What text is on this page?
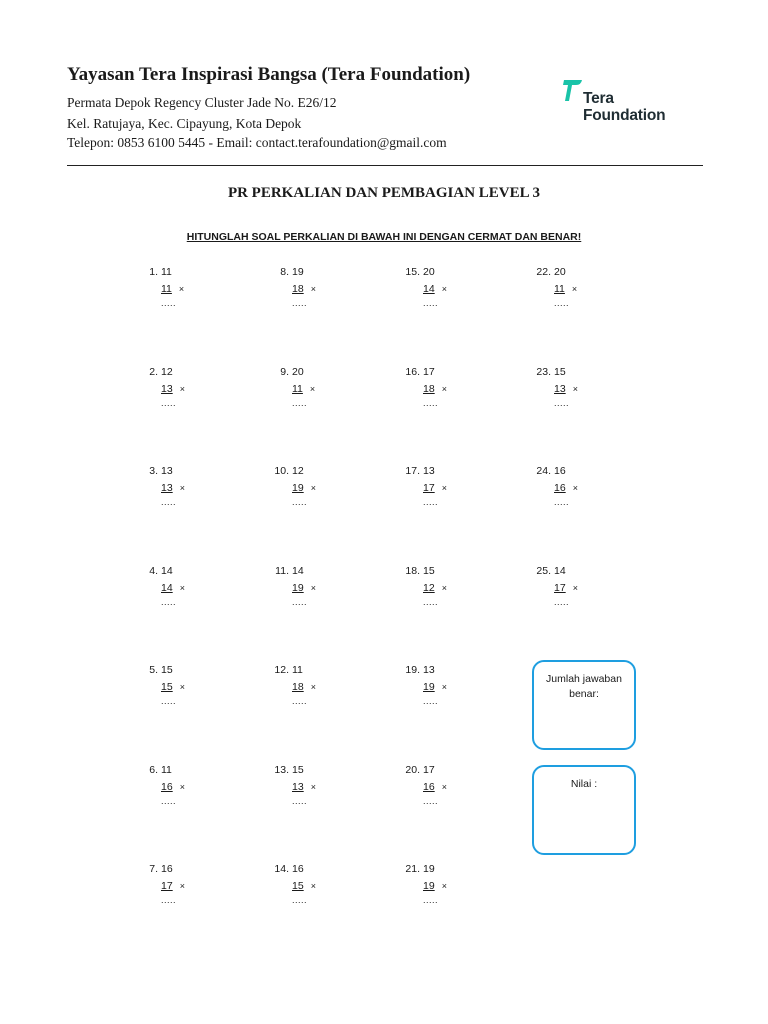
Yayasan Tera Inspirasi Bangsa (Tera Foundation)
Permata Depok Regency Cluster Jade No. E26/12
Kel. Ratujaya, Kec. Cipayung, Kota Depok
Telepon: 0853 6100 5445 - Email: contact.terafoundation@gmail.com
Tera
Foundation
PR PERKALIAN DAN PEMBAGIAN LEVEL 3
HITUNGLAH SOAL PERKALIAN DI BAWAH INI DENGAN CERMAT DAN BENAR!
1. 11
11 ×
.....
2. 12
13 ×
.....
3. 13
13 ×
.....
4. 14
14 ×
.....
5. 15
15 ×
.....
6. 11
16 ×
.....
7. 16
17 ×
.....
8. 19
18 ×
.....
9. 20
11 ×
.....
10. 12
19 ×
.....
11. 14
19 ×
.....
12. 11
18 ×
.....
13. 15
13 ×
.....
14. 16
15 ×
.....
15. 20
14 ×
.....
16. 17
18 ×
.....
17. 13
17 ×
.....
18. 15
12 ×
.....
19. 13
19 ×
.....
20. 17
16 ×
.....
21. 19
19 ×
.....
22. 20
11 ×
.....
23. 15
13 ×
.....
24. 16
16 ×
.....
25. 14
17 ×
.....
Jumlah jawaban
benar:
Nilai :
